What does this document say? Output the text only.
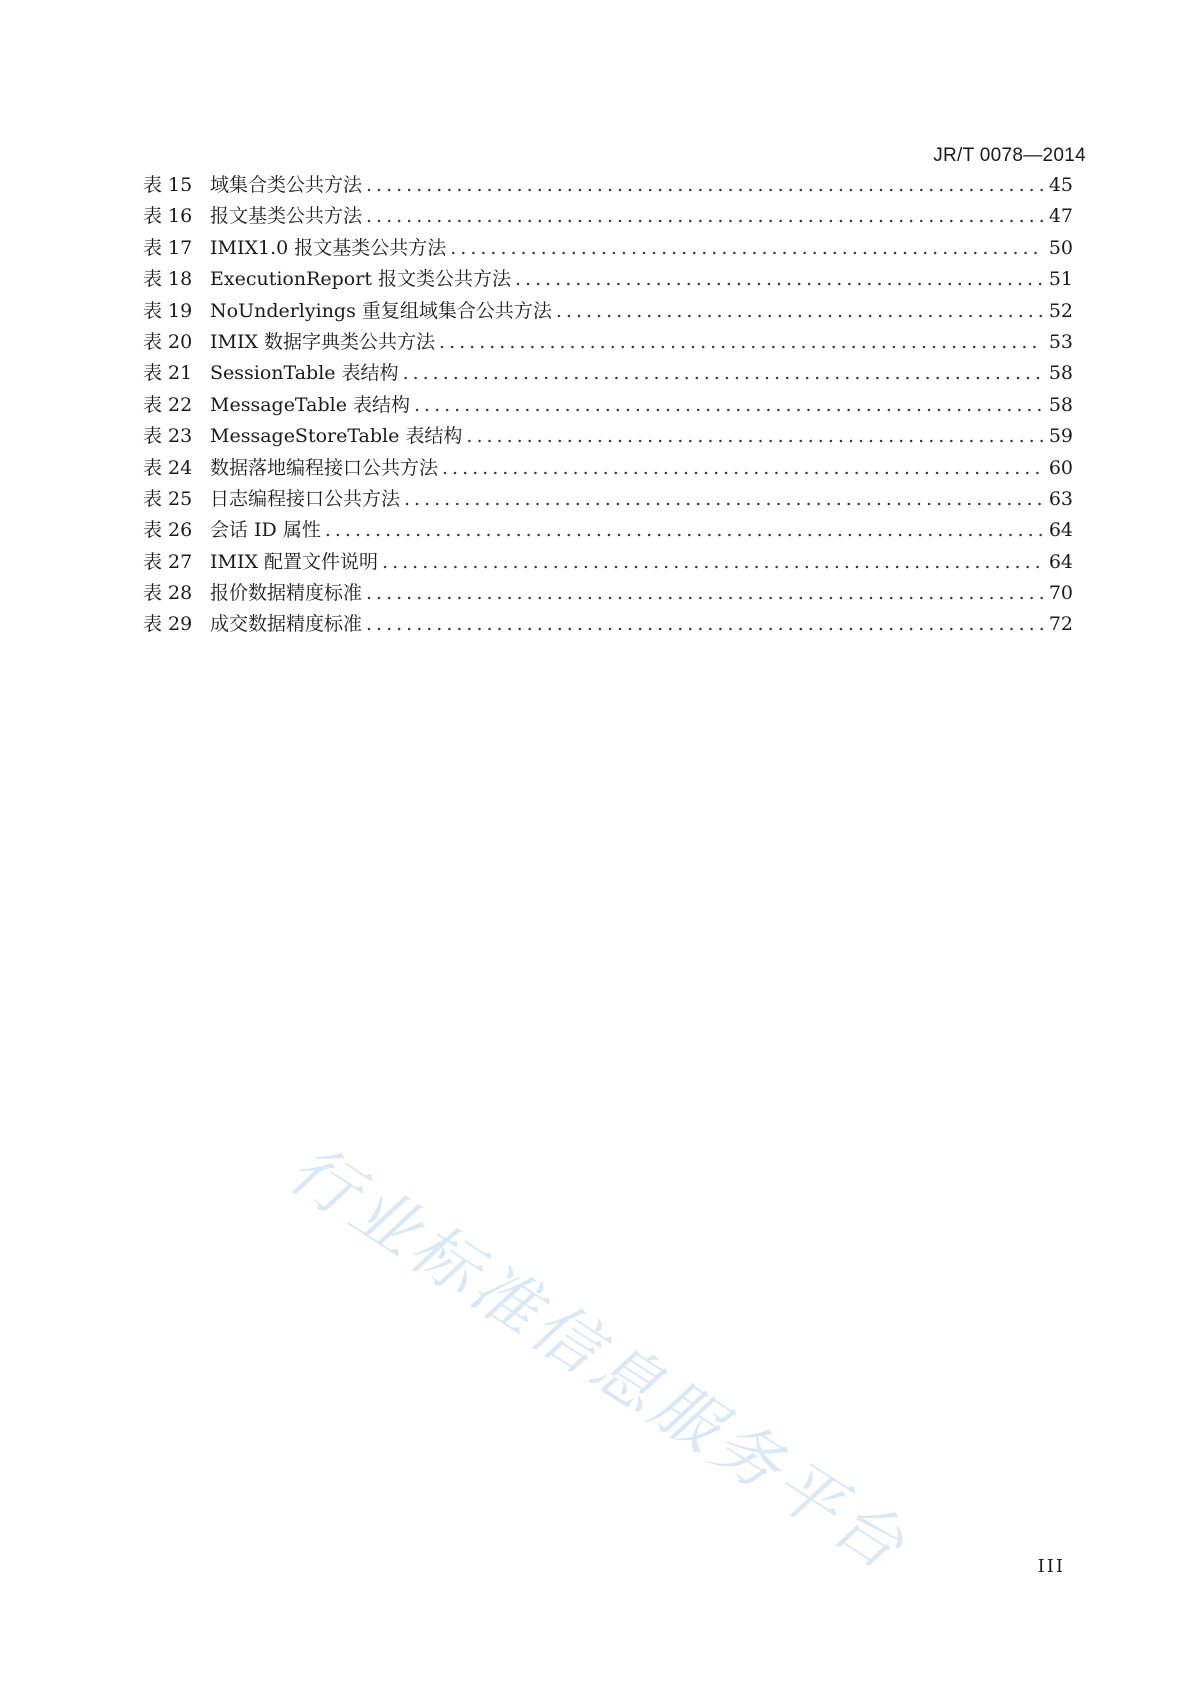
JR/T 0078—2014
表 15 域集合类公共方法 .....	45
表 16 报文基类公共方法 .....	47
表 17 IMIX1.0 报文基类公共方法 .....	50
表 18 ExecutionReport 报文类公共方法 .....	51
表 19 NoUnderlyings 重复组域集合公共方法 .....	52
表 20 IMIX 数据字典类公共方法 .....	53
表 21 SessionTable 表结构 .....	58
表 22 MessageTable 表结构 .....	58
表 23 MessageStoreTable 表结构 .....	59
表 24 数据落地编程接口公共方法 .....	60
表 25 日志编程接口公共方法 .....	63
表 26 会话 ID 属性 .....	64
表 27 IMIX 配置文件说明 .....	64
表 28 报价数据精度标准 .....	70
表 29 成交数据精度标准 .....	72
行业标准信息服务平台	III
